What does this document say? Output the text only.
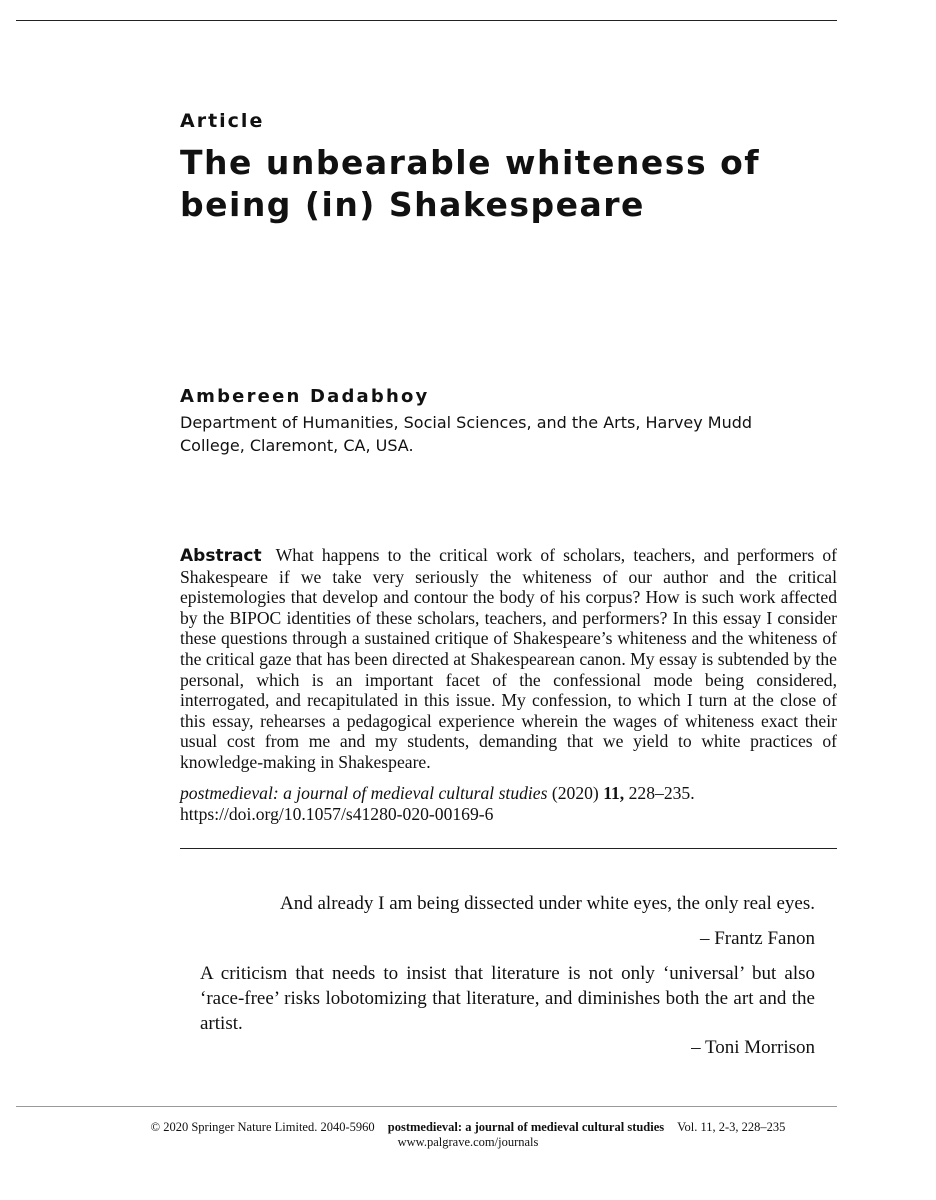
Article
The unbearable whiteness of being (in) Shakespeare
Ambereen Dadabhoy
Department of Humanities, Social Sciences, and the Arts, Harvey Mudd College, Claremont, CA, USA.

Abstract What happens to the critical work of scholars, teachers, and performers of Shakespeare if we take very seriously the whiteness of our author and the critical epistemologies that develop and contour the body of his corpus? How is such work affected by the BIPOC identities of these scholars, teachers, and performers? In this essay I consider these questions through a sustained critique of Shakespeare’s whiteness and the whiteness of the critical gaze that has been directed at Shakespearean canon. My essay is subtended by the personal, which is an important facet of the confessional mode being considered, interrogated, and recapitulated in this issue. My confession, to which I turn at the close of this essay, rehearses a pedagogical experience wherein the wages of whiteness exact their usual cost from me and my students, demanding that we yield to white practices of knowledge-making in Shakespeare.

postmedieval: a journal of medieval cultural studies (2020) 11, 228–235.
https://doi.org/10.1057/s41280-020-00169-6
And already I am being dissected under white eyes, the only real eyes.
– Frantz Fanon
A criticism that needs to insist that literature is not only ‘universal’ but also ‘race-free’ risks lobotomizing that literature, and diminishes both the art and the artist.
– Toni Morrison
© 2020 Springer Nature Limited. 2040-5960 postmedieval: a journal of medieval cultural studies Vol. 11, 2-3, 228–235
www.palgrave.com/journals
